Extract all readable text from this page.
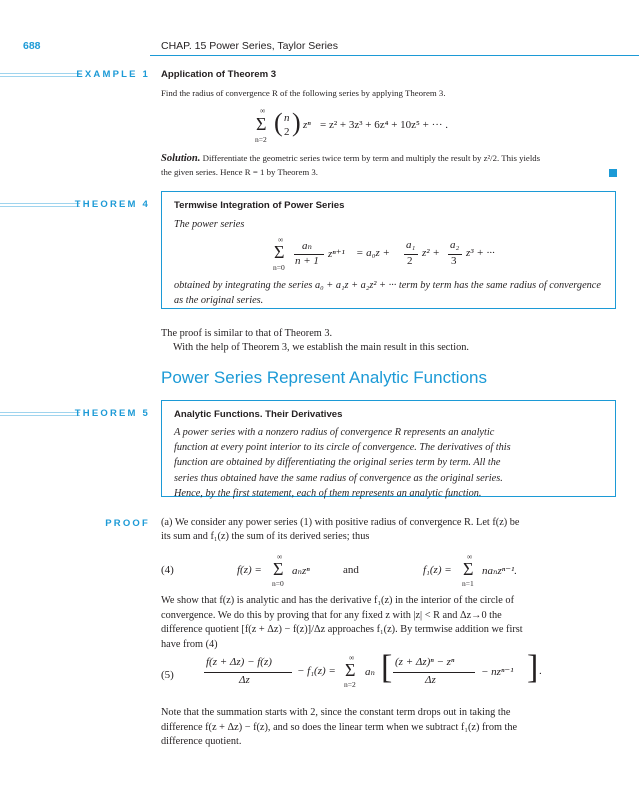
688	CHAP. 15 Power Series, Taylor Series
EXAMPLE 1 Application of Theorem 3
Find the radius of convergence R of the following series by applying Theorem 3.
∞
Σ
n=2
( n
2 ) zⁿ = z² + 3z³ + 6z⁴ + 10z⁵ + ··· .
Solution. Differentiate the geometric series twice term by term and multiply the result by z²/2. This yields
the given series. Hence R = 1 by Theorem 3.
THEOREM 4	Termwise Integration of Power Series
The power series
∞
Σ
n=0
aₙ
n + 1
zⁿ⁺¹ = a₀z +
a₁
2
z² +
a₂
3
z³ + ···
obtained by integrating the series a₀ + a₁z + a₂z² + ··· term by term has the same radius of convergence as the original series.
The proof is similar to that of Theorem 3.
With the help of Theorem 3, we establish the main result in this section.
Power Series Represent Analytic Functions
THEOREM 5	Analytic Functions. Their Derivatives
A power series with a nonzero radius of convergence R represents an analytic
function at every point interior to its circle of convergence. The derivatives of this
function are obtained by differentiating the original series term by term. All the
series thus obtained have the same radius of convergence as the original series.
Hence, by the first statement, each of them represents an analytic function.
PROOF (a) We consider any power series (1) with positive radius of convergence R. Let f(z) be
its sum and f₁(z) the sum of its derived series; thus
(4)	f(z) =
∞
Σ
n=0
aₙzⁿ	and	f₁(z) =
∞
Σ
n=1
naₙzⁿ⁻¹.
We show that f(z) is analytic and has the derivative f₁(z) in the interior of the circle of
convergence. We do this by proving that for any fixed z with |z| < R and Δz→0 the
difference quotient [f(z + Δz) − f(z)]/Δz approaches f₁(z). By termwise addition we first
have from (4)
(5)
f(z + Δz) − f(z)
Δz
− f₁(z) =
∞
Σ
n=2
aₙ [ (z + Δz)ⁿ − zⁿ
Δz
− nzⁿ⁻¹ ] .
Note that the summation starts with 2, since the constant term drops out in taking the
difference f(z + Δz) − f(z), and so does the linear term when we subtract f₁(z) from the
difference quotient.
